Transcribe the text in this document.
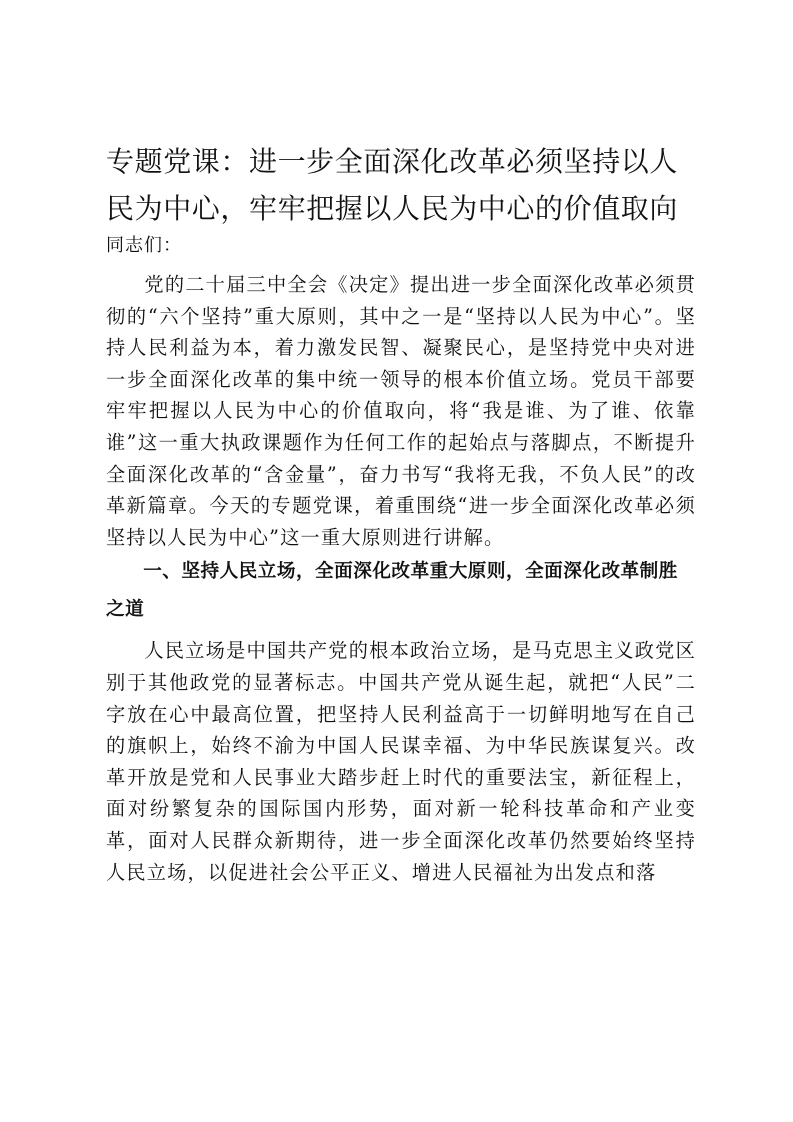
专题党课：进一步全面深化改革必须坚持以人民为中心，牢牢把握以人民为中心的价值取向

同志们：

党的二十届三中全会《决定》提出进一步全面深化改革必须贯彻的“六个坚持”重大原则，其中之一是“坚持以人民为中心”。坚持人民利益为本，着力激发民智、凝聚民心，是坚持党中央对进一步全面深化改革的集中统一领导的根本价值立场。党员干部要牢牢把握以人民为中心的价值取向，将“我是谁、为了谁、依靠谁”这一重大执政课题作为任何工作的起始点与落脚点，不断提升全面深化改革的“含金量”，奋力书写“我将无我，不负人民”的改革新篇章。今天的专题党课，着重围绕“进一步全面深化改革必须坚持以人民为中心”这一重大原则进行讲解。

一、坚持人民立场，全面深化改革重大原则，全面深化改革制胜之道

人民立场是中国共产党的根本政治立场，是马克思主义政党区别于其他政党的显著标志。中国共产党从诞生起，就把“人民”二字放在心中最高位置，把坚持人民利益高于一切鲜明地写在自己的旗帜上，始终不渝为中国人民谋幸福、为中华民族谋复兴。改革开放是党和人民事业大踏步赶上时代的重要法宝，新征程上，面对纷繁复杂的国际国内形势，面对新一轮科技革命和产业变革，面对人民群众新期待，进一步全面深化改革仍然要始终坚持人民立场，以促进社会公平正义、增进人民福祉为出发点和落
